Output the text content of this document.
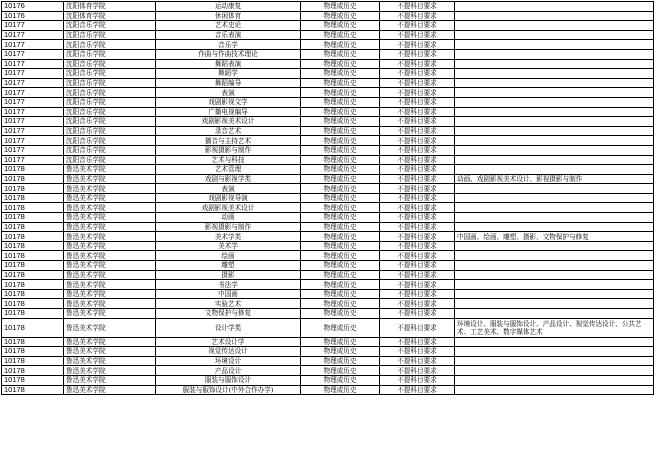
10176	沈阳体育学院	运动康复	物理或历史	不提科目要求	
10176	沈阳体育学院	休闲体育	物理或历史	不提科目要求	
10177	沈阳音乐学院	艺术史论	物理或历史	不提科目要求	
10177	沈阳音乐学院	音乐表演	物理或历史	不提科目要求	
10177	沈阳音乐学院	音乐学	物理或历史	不提科目要求	
10177	沈阳音乐学院	作曲与作曲技术理论	物理或历史	不提科目要求	
10177	沈阳音乐学院	舞蹈表演	物理或历史	不提科目要求	
10177	沈阳音乐学院	舞蹈学	物理或历史	不提科目要求	
10177	沈阳音乐学院	舞蹈编导	物理或历史	不提科目要求	
10177	沈阳音乐学院	表演	物理或历史	不提科目要求	
10177	沈阳音乐学院	戏剧影视文学	物理或历史	不提科目要求	
10177	沈阳音乐学院	广播电视编导	物理或历史	不提科目要求	
10177	沈阳音乐学院	戏剧影视美术设计	物理或历史	不提科目要求	
10177	沈阳音乐学院	录音艺术	物理或历史	不提科目要求	
10177	沈阳音乐学院	播音与主持艺术	物理或历史	不提科目要求	
10177	沈阳音乐学院	影视摄影与制作	物理或历史	不提科目要求	
10177	沈阳音乐学院	艺术与科技	物理或历史	不提科目要求	
10178	鲁迅美术学院	艺术管理	物理或历史	不提科目要求	
10178	鲁迅美术学院	戏剧与影视学类	物理或历史	不提科目要求	动画、戏剧影视美术设计、影视摄影与制作
10178	鲁迅美术学院	表演	物理或历史	不提科目要求	
10178	鲁迅美术学院	戏剧影视导演	物理或历史	不提科目要求	
10178	鲁迅美术学院	戏剧影视美术设计	物理或历史	不提科目要求	
10178	鲁迅美术学院	动画	物理或历史	不提科目要求	
10178	鲁迅美术学院	影视摄影与制作	物理或历史	不提科目要求	
10178	鲁迅美术学院	美术学类	物理或历史	不提科目要求	中国画、绘画、雕塑、摄影、文物保护与修复
10178	鲁迅美术学院	美术学	物理或历史	不提科目要求	
10178	鲁迅美术学院	绘画	物理或历史	不提科目要求	
10178	鲁迅美术学院	雕塑	物理或历史	不提科目要求	
10178	鲁迅美术学院	摄影	物理或历史	不提科目要求	
10178	鲁迅美术学院	书法学	物理或历史	不提科目要求	
10178	鲁迅美术学院	中国画	物理或历史	不提科目要求	
10178	鲁迅美术学院	实验艺术	物理或历史	不提科目要求	
10178	鲁迅美术学院	文物保护与修复	物理或历史	不提科目要求	
10178	鲁迅美术学院	设计学类	物理或历史	不提科目要求	环境设计、服装与服饰设计、产品设计、视觉传达设计、公共艺术、工艺美术、数字媒体艺术
10178	鲁迅美术学院	艺术设计学	物理或历史	不提科目要求	
10178	鲁迅美术学院	视觉传达设计	物理或历史	不提科目要求	
10178	鲁迅美术学院	环境设计	物理或历史	不提科目要求	
10178	鲁迅美术学院	产品设计	物理或历史	不提科目要求	
10178	鲁迅美术学院	服装与服饰设计	物理或历史	不提科目要求	
10178	鲁迅美术学院	服装与服饰设计(中外合作办学)	物理或历史	不提科目要求	
